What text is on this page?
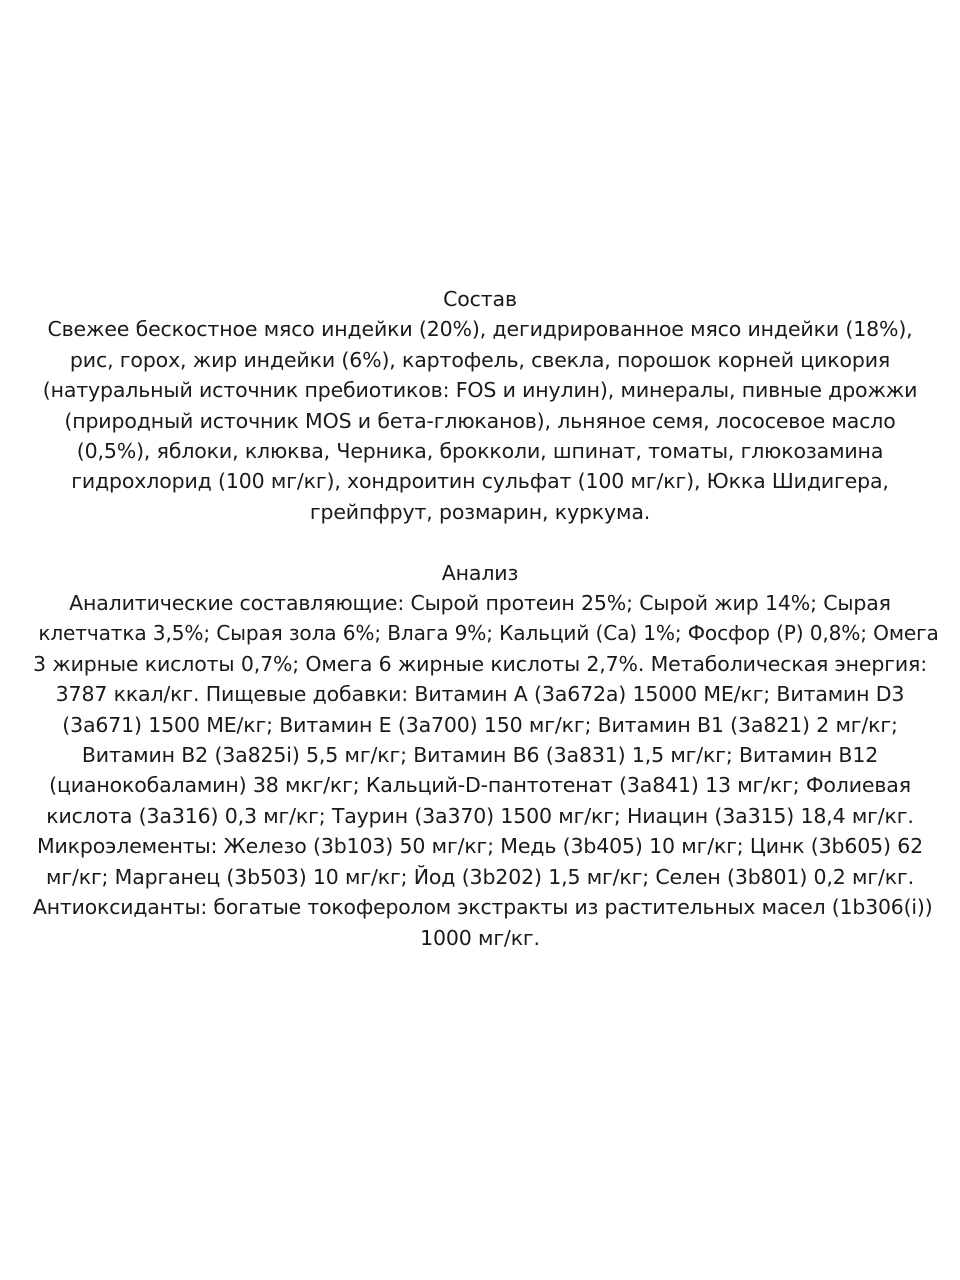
Состав
Свежее бескостное мясо индейки (20%), дегидрированное мясо индейки (18%),
рис, горох, жир индейки (6%), картофель, свекла, порошок корней цикория
(натуральный источник пребиотиков: FOS и инулин), минералы, пивные дрожжи
(природный источник MOS и бета-глюканов), льняное семя, лососевое масло
(0,5%), яблоки, клюква, Черника, брокколи, шпинат, томаты, глюкозамина
гидрохлорид (100 мг/кг), хондроитин сульфат (100 мг/кг), Юкка Шидигера,
грейпфрут, розмарин, куркума.
Анализ
Аналитические составляющие: Сырой протеин 25%; Сырой жир 14%; Сырая
клетчатка 3,5%; Сырая зола 6%; Влага 9%; Кальций (Ca) 1%; Фосфор (P) 0,8%; Омега
3 жирные кислоты 0,7%; Омега 6 жирные кислоты 2,7%. Метаболическая энергия:
3787 ккал/кг. Пищевые добавки: Витамин А (3a672a) 15000 МЕ/кг; Витамин D3
(3a671) 1500 МЕ/кг; Витамин Е (3a700) 150 мг/кг; Витамин В1 (3a821) 2 мг/кг;
Витамин В2 (3a825i) 5,5 мг/кг; Витамин В6 (3a831) 1,5 мг/кг; Витамин В12
(цианокобаламин) 38 мкг/кг; Кальций-D-пантотенат (3a841) 13 мг/кг; Фолиевая
кислота (3a316) 0,3 мг/кг; Таурин (3a370) 1500 мг/кг; Ниацин (3a315) 18,4 мг/кг.
Микроэлементы: Железо (3b103) 50 мг/кг; Медь (3b405) 10 мг/кг; Цинк (3b605) 62
мг/кг; Марганец (3b503) 10 мг/кг; Йод (3b202) 1,5 мг/кг; Селен (3b801) 0,2 мг/кг.
Антиоксиданты: богатые токоферолом экстракты из растительных масел (1b306(i))
1000 мг/кг.
